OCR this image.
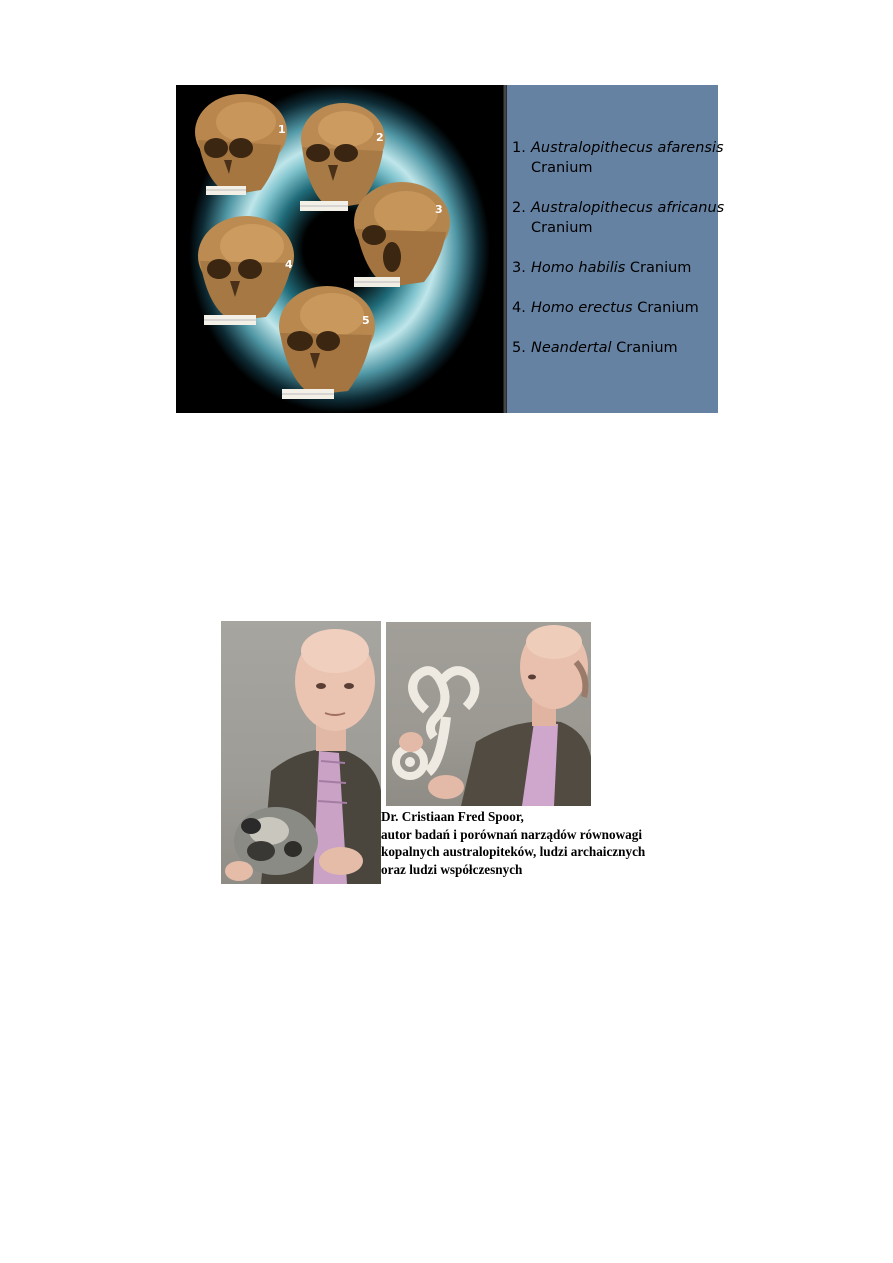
1
2
3
4
5
1. Australopithecus afarensis
Cranium
2. Australopithecus africanus
Cranium
3. Homo habilis Cranium
4. Homo erectus Cranium
5. Neandertal Cranium
Dr. Cristiaan Fred Spoor,
autor badań i porównań narządów równowagi
kopalnych australopiteków, ludzi archaicznych
oraz ludzi współczesnych
